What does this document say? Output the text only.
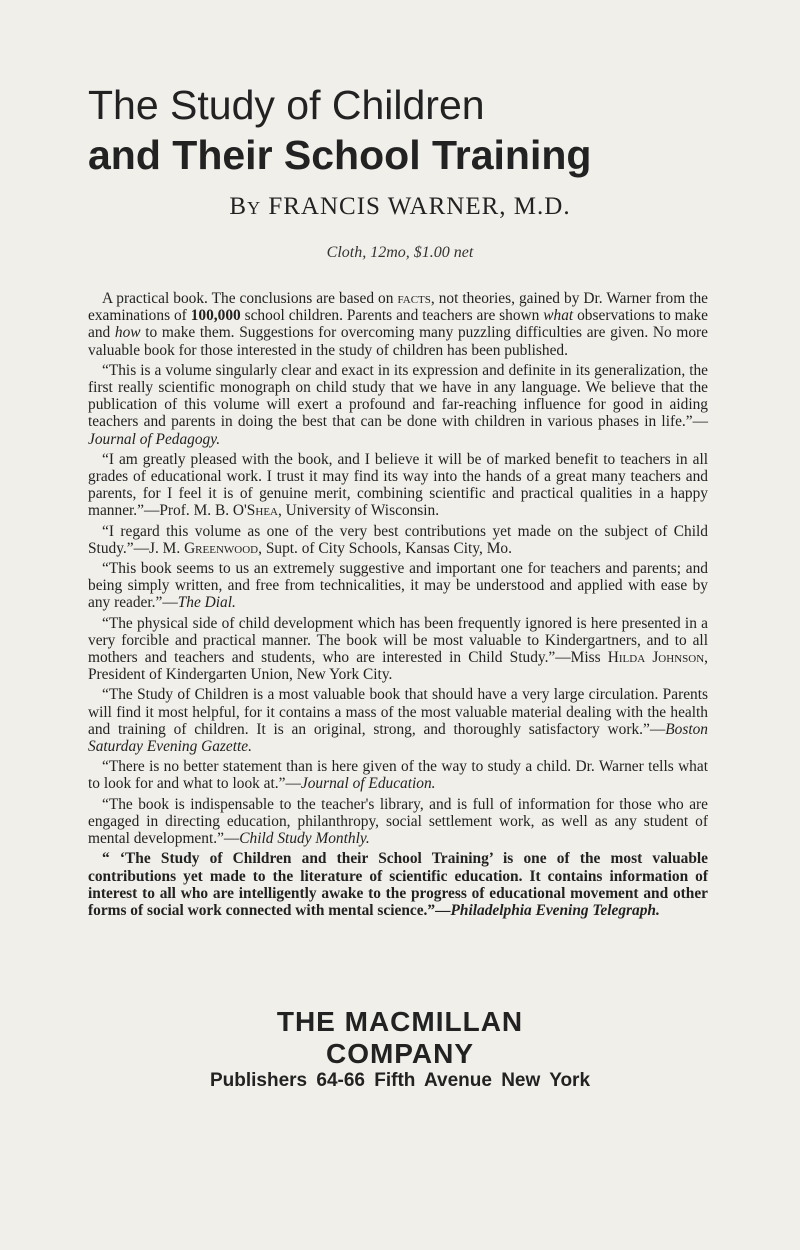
The Study of Children
and Their School Training
By FRANCIS WARNER, M.D.
Cloth, 12mo, $1.00 net

A practical book. The conclusions are based on facts, not theories, gained by Dr. Warner from the examinations of 100,000 school children. Parents and teachers are shown what observations to make and how to make them. Suggestions for overcoming many puzzling difficulties are given. No more valuable book for those interested in the study of children has been published.

“This is a volume singularly clear and exact in its expression and definite in its generalization, the first really scientific monograph on child study that we have in any language. We believe that the publication of this volume will exert a profound and far-reaching influence for good in aiding teachers and parents in doing the best that can be done with children in various phases in life.”—Journal of Pedagogy.

“I am greatly pleased with the book, and I believe it will be of marked benefit to teachers in all grades of educational work. I trust it may find its way into the hands of a great many teachers and parents, for I feel it is of genuine merit, combining scientific and practical qualities in a happy manner.”—Prof. M. B. O'Shea, University of Wisconsin.

“I regard this volume as one of the very best contributions yet made on the subject of Child Study.”—J. M. Greenwood, Supt. of City Schools, Kansas City, Mo.

“This book seems to us an extremely suggestive and important one for teachers and parents; and being simply written, and free from technicalities, it may be understood and applied with ease by any reader.”—The Dial.

“The physical side of child development which has been frequently ignored is here presented in a very forcible and practical manner. The book will be most valuable to Kindergartners, and to all mothers and teachers and students, who are interested in Child Study.”—Miss Hilda Johnson, President of Kindergarten Union, New York City.

“The Study of Children is a most valuable book that should have a very large circulation. Parents will find it most helpful, for it contains a mass of the most valuable material dealing with the health and training of children. It is an original, strong, and thoroughly satisfactory work.”—Boston Saturday Evening Gazette.

“There is no better statement than is here given of the way to study a child. Dr. Warner tells what to look for and what to look at.”—Journal of Education.

“The book is indispensable to the teacher's library, and is full of information for those who are engaged in directing education, philanthropy, social settlement work, as well as any student of mental development.”—Child Study Monthly.

“ ‘The Study of Children and their School Training’ is one of the most valuable contributions yet made to the literature of scientific education. It contains information of interest to all who are intelligently awake to the progress of educational movement and other forms of social work connected with mental science.”—Philadelphia Evening Telegraph.

THE MACMILLAN COMPANY
Publishers 64-66 Fifth Avenue New York
